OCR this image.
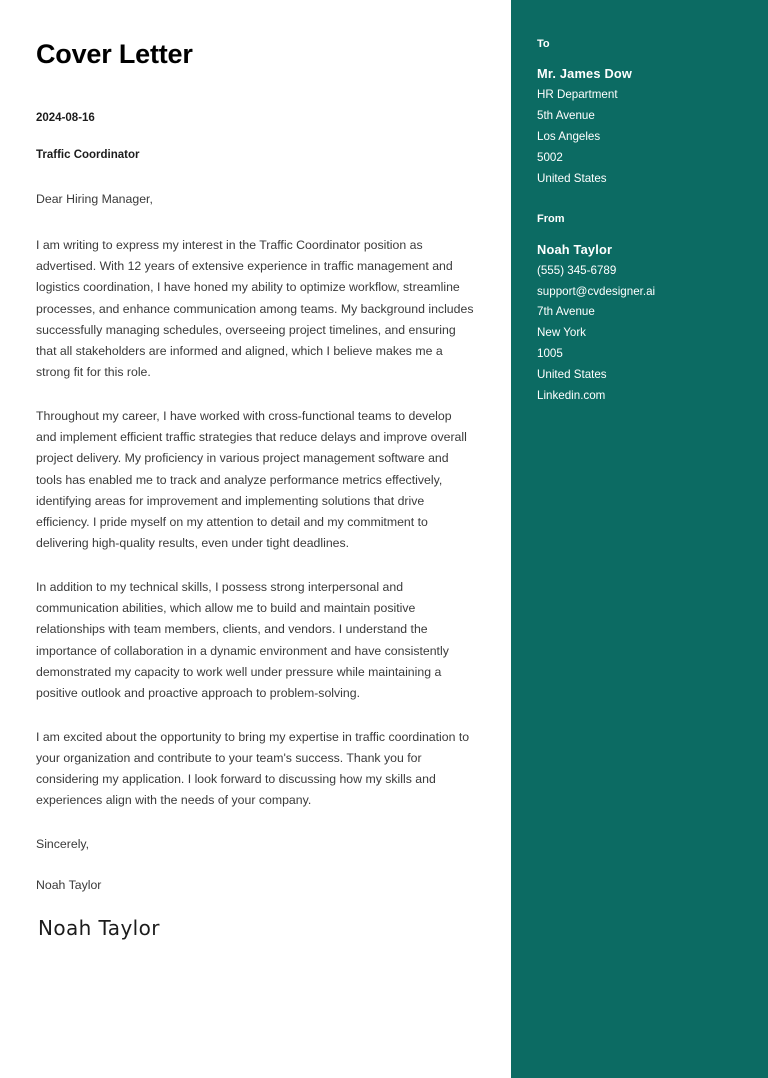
Cover Letter

2024-08-16

Traffic Coordinator

Dear Hiring Manager,

I am writing to express my interest in the Traffic Coordinator position as advertised. With 12 years of extensive experience in traffic management and logistics coordination, I have honed my ability to optimize workflow, streamline processes, and enhance communication among teams. My background includes successfully managing schedules, overseeing project timelines, and ensuring that all stakeholders are informed and aligned, which I believe makes me a strong fit for this role.

Throughout my career, I have worked with cross-functional teams to develop and implement efficient traffic strategies that reduce delays and improve overall project delivery. My proficiency in various project management software and tools has enabled me to track and analyze performance metrics effectively, identifying areas for improvement and implementing solutions that drive efficiency. I pride myself on my attention to detail and my commitment to delivering high-quality results, even under tight deadlines.

In addition to my technical skills, I possess strong interpersonal and communication abilities, which allow me to build and maintain positive relationships with team members, clients, and vendors. I understand the importance of collaboration in a dynamic environment and have consistently demonstrated my capacity to work well under pressure while maintaining a positive outlook and proactive approach to problem-solving.

I am excited about the opportunity to bring my expertise in traffic coordination to your organization and contribute to your team's success. Thank you for considering my application. I look forward to discussing how my skills and experiences align with the needs of your company.

Sincerely,

Noah Taylor

Noah Taylor
To
Mr. James Dow
HR Department
5th Avenue
Los Angeles
5002
United States
From
Noah Taylor
(555) 345-6789
support@cvdesigner.ai
7th Avenue
New York
1005
United States
Linkedin.com
